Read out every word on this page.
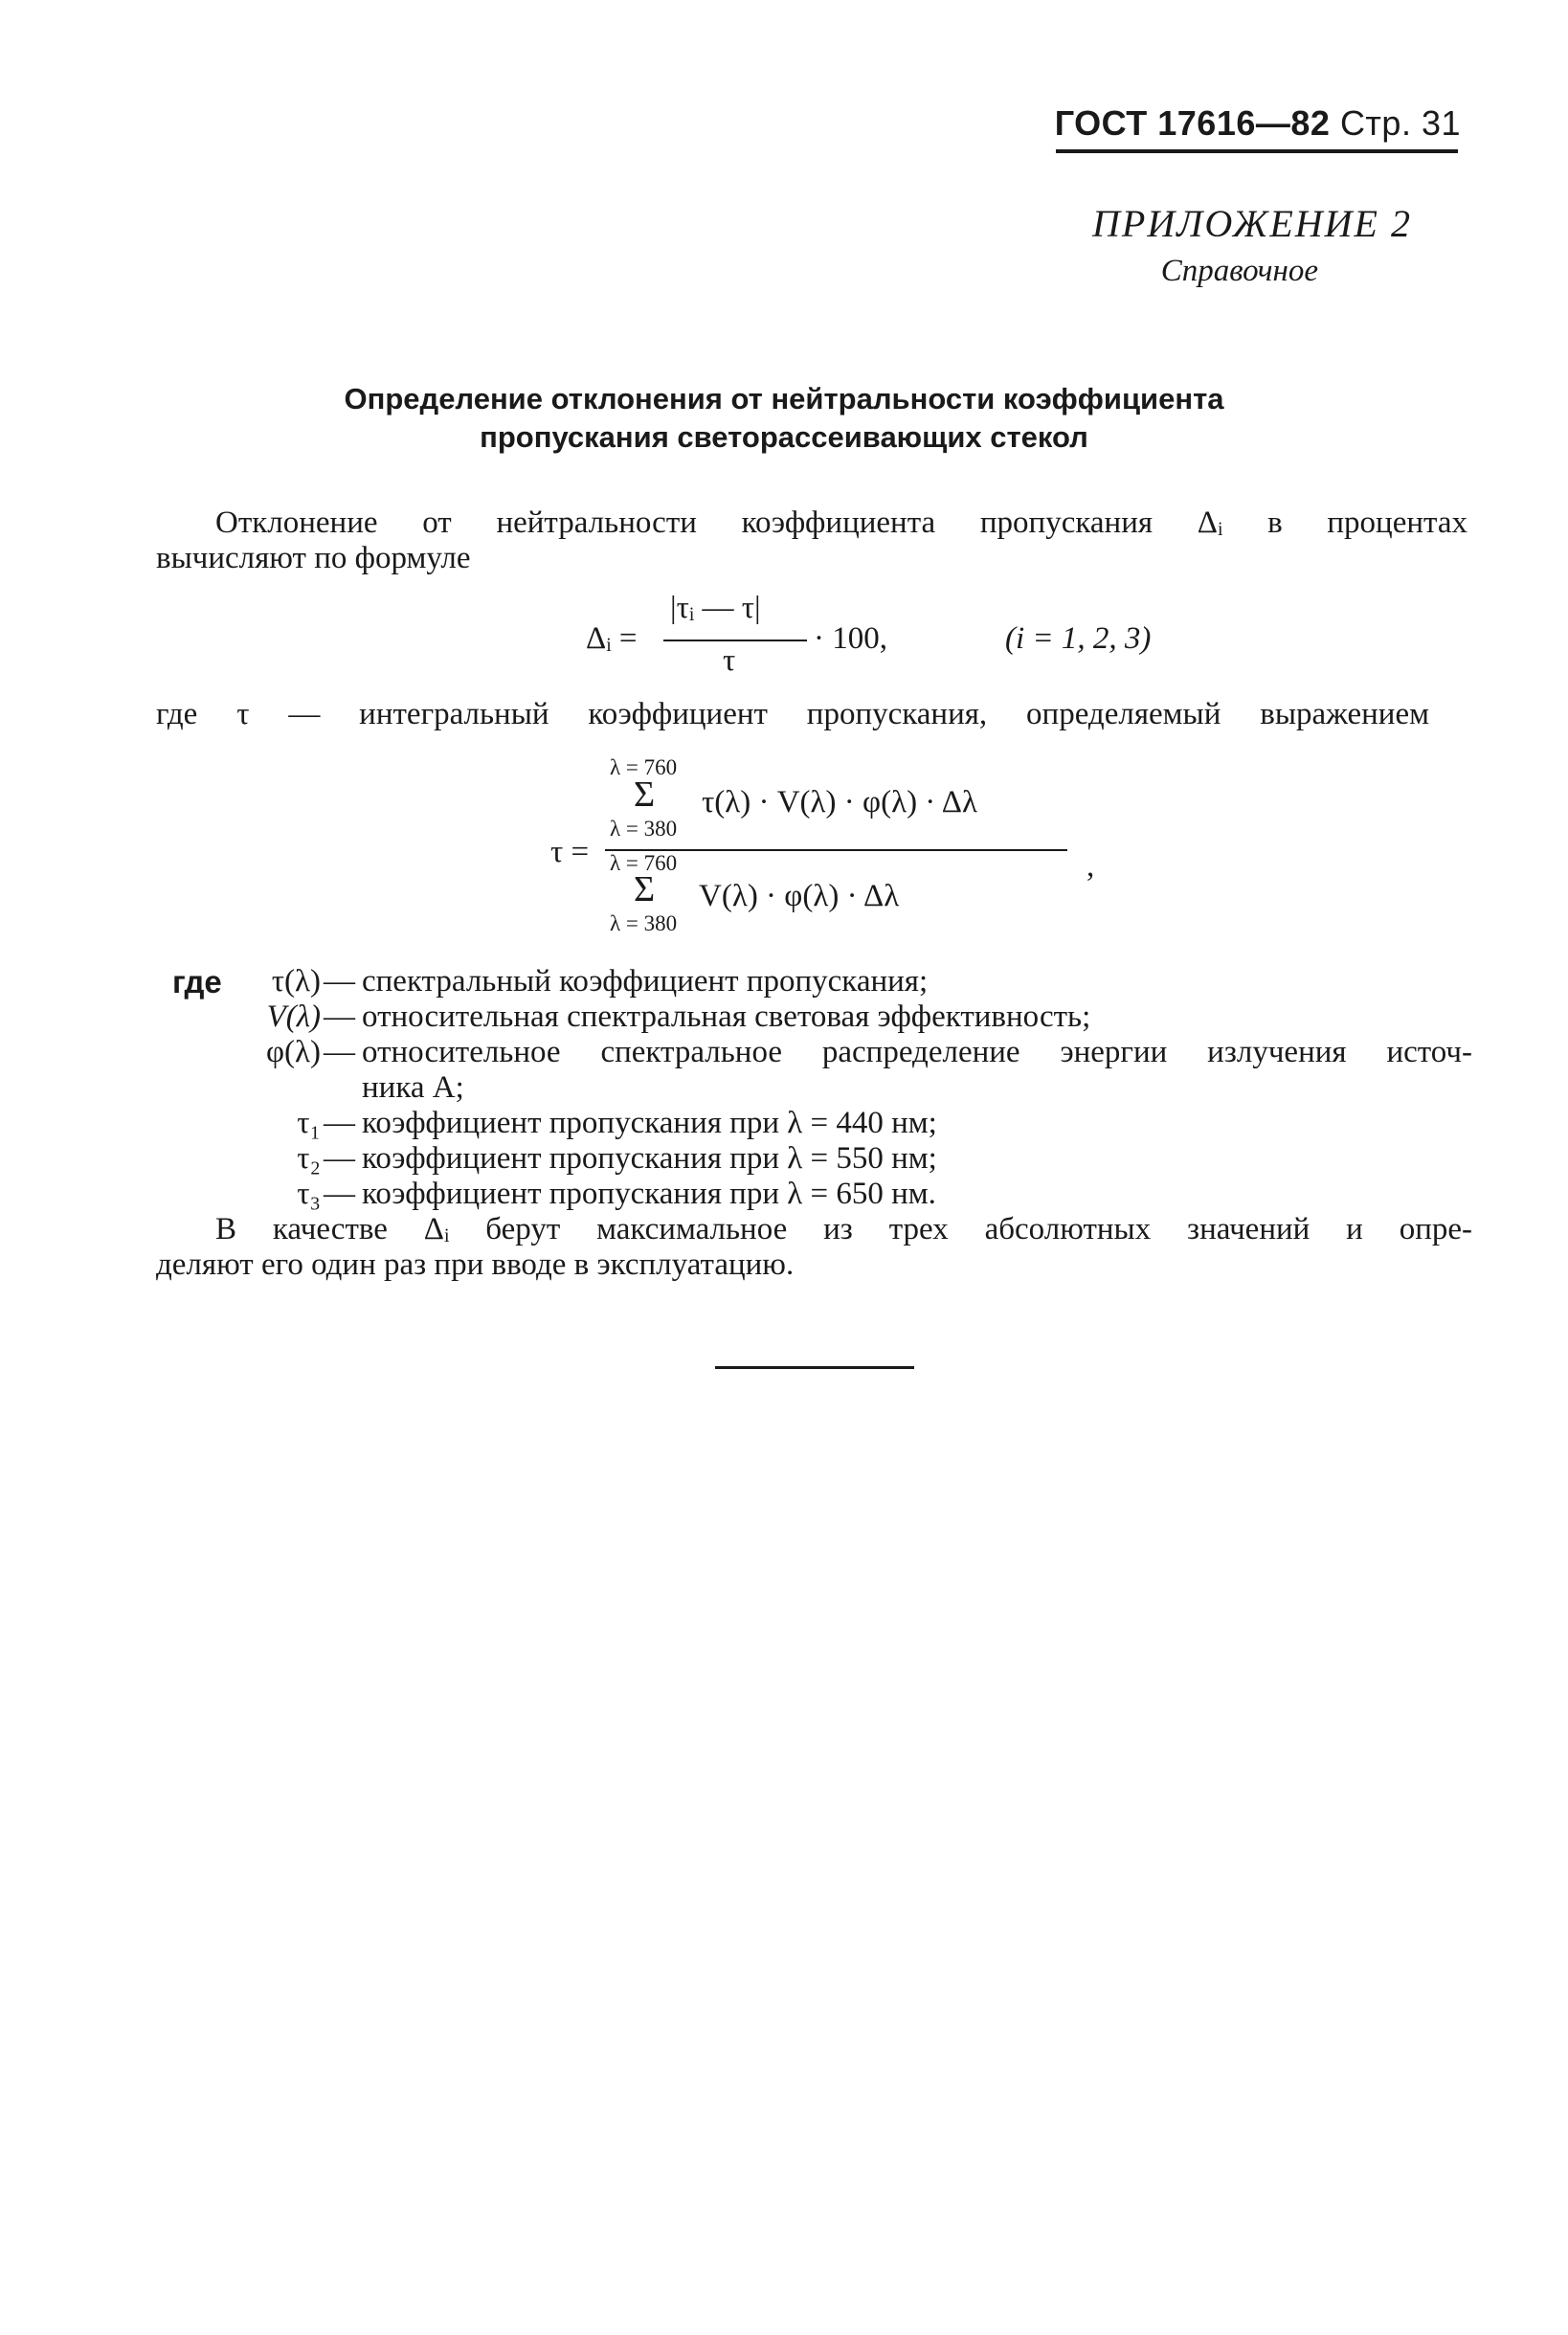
ГОСТ 17616—82 Стр. 31
ПРИЛОЖЕНИЕ 2
Справочное
Определение отклонения от нейтральности коэффициента
пропускания светорассеивающих стекол
Отклонение от нейтральности коэффициента пропускания Δᵢ в процентах
вычисляют по формуле
Δᵢ =
|τᵢ — τ|
τ
· 100,	(i = 1, 2, 3)
где τ — интегральный коэффициент пропускания, определяемый выражением
τ =
λ = 760
Σ
λ = 380
τ(λ) · V(λ) · φ(λ) · Δλ
λ = 760
Σ
λ = 380
V(λ) · φ(λ) · Δλ
,
где	τ(λ) — спектральный коэффициент пропускания;
V(λ) — относительная спектральная световая эффективность;
φ(λ) — относительное спектральное распределение энергии излучения источ-
ника А;
τ₁ — коэффициент пропускания при λ = 440 нм;
τ₂ — коэффициент пропускания при λ = 550 нм;
τ₃ — коэффициент пропускания при λ = 650 нм.
В качестве Δᵢ берут максимальное из трех абсолютных значений и опре-
деляют его один раз при вводе в эксплуатацию.
